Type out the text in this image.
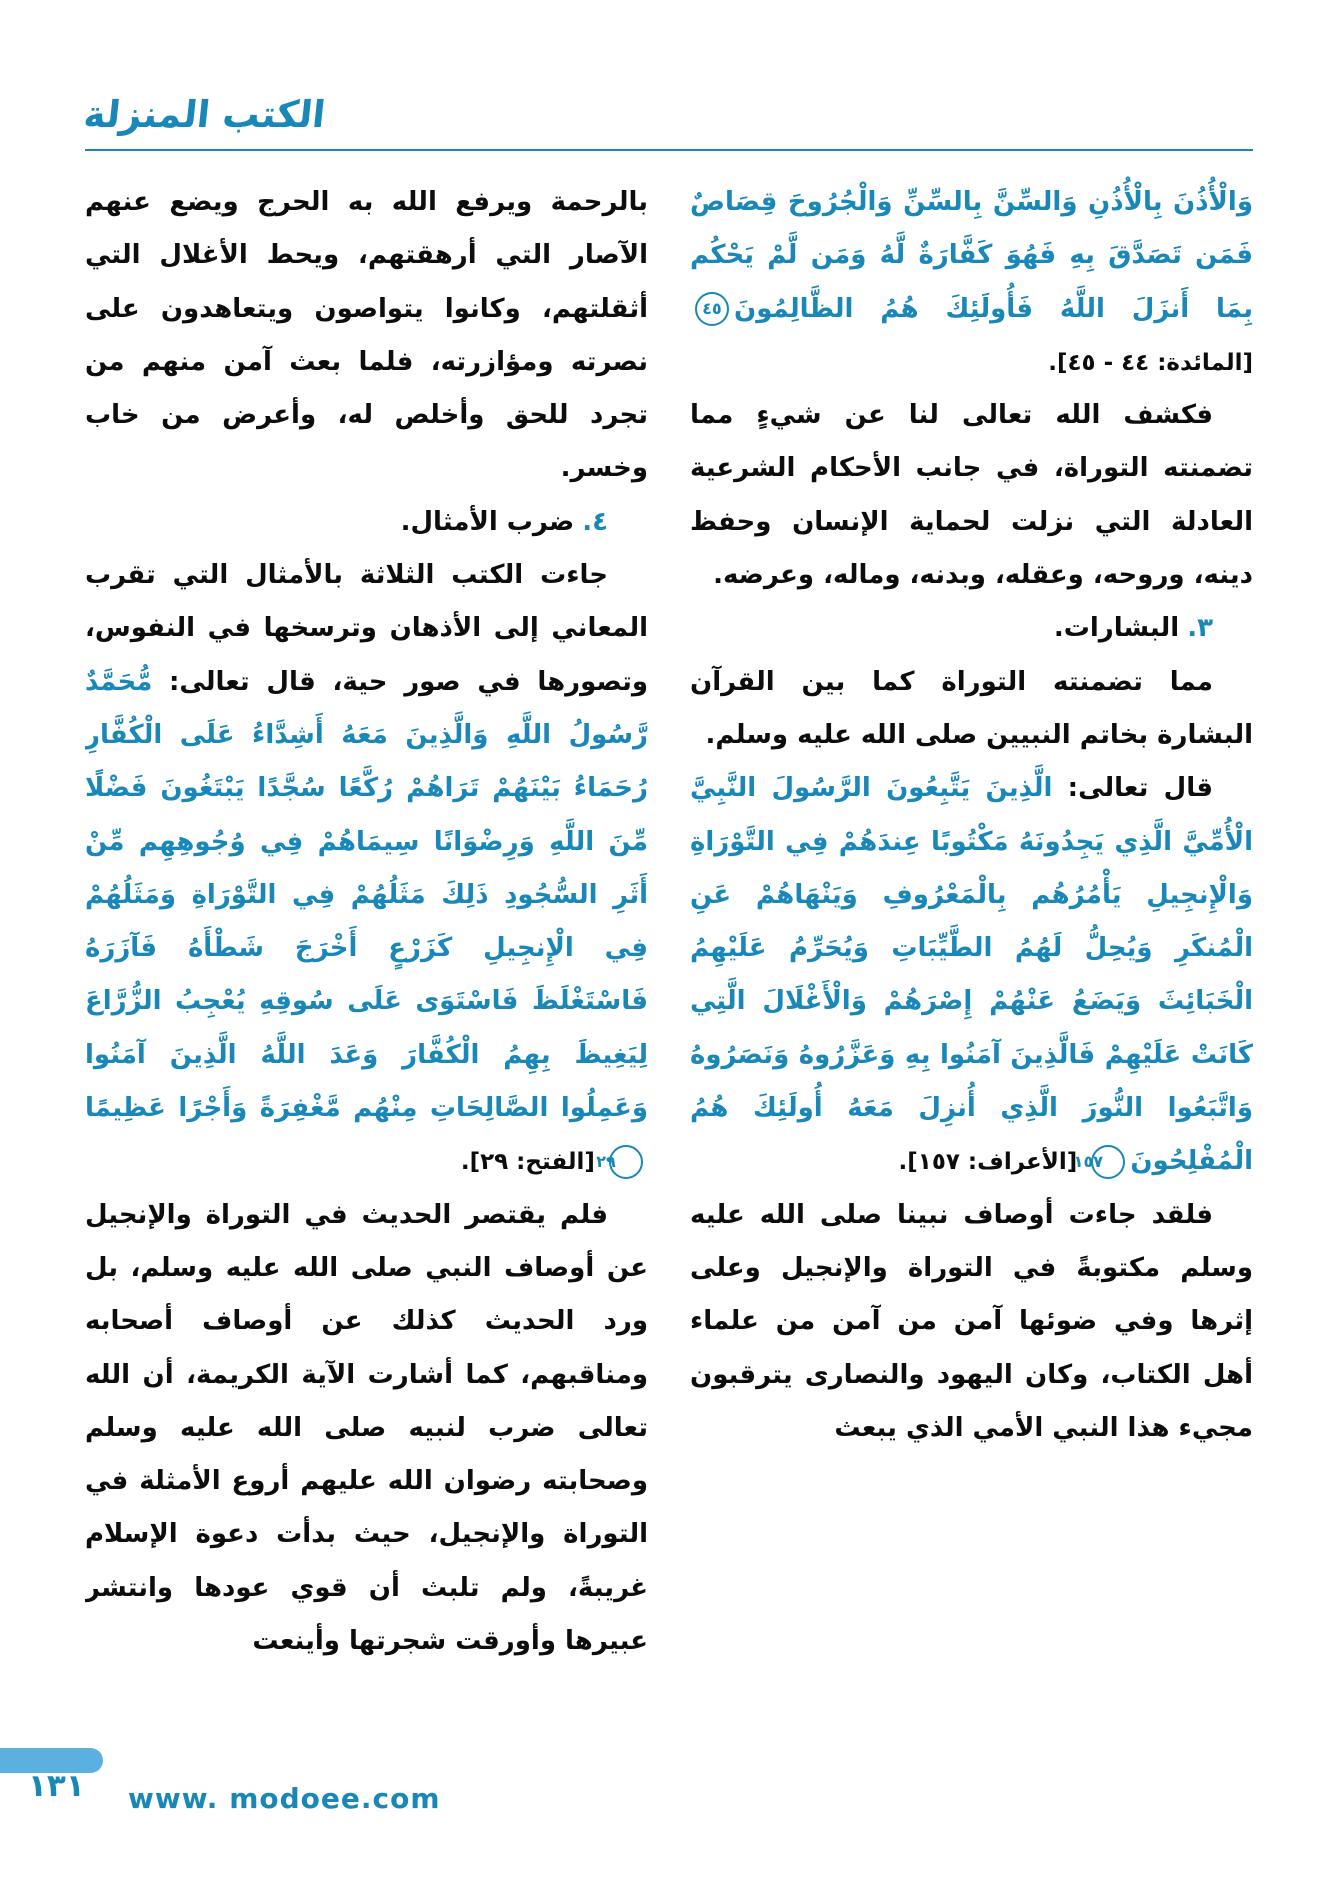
الكتب المنزلة

وَالْأُذُنَ بِالْأُذُنِ وَالسِّنَّ بِالسِّنِّ وَالْجُرُوحَ قِصَاصٌ فَمَن تَصَدَّقَ بِهِ فَهُوَ كَفَّارَةٌ لَّهُ وَمَن لَّمْ يَحْكُم بِمَا أَنزَلَ اللَّهُ فَأُولَئِكَ هُمُ الظَّالِمُونَ٤٥ [المائدة: ٤٤ - ٤٥].

فكشف الله تعالى لنا عن شيءٍ مما تضمنته التوراة، في جانب الأحكام الشرعية العادلة التي نزلت لحماية الإنسان وحفظ دينه، وروحه، وعقله، وبدنه، وماله، وعرضه.

٣.البشارات.

مما تضمنته التوراة كما بين القرآن البشارة بخاتم النبيين صلى الله عليه وسلم.

قال تعالى: الَّذِينَ يَتَّبِعُونَ الرَّسُولَ النَّبِيَّ الْأُمِّيَّ الَّذِي يَجِدُونَهُ مَكْتُوبًا عِندَهُمْ فِي التَّوْرَاةِ وَالْإِنجِيلِ يَأْمُرُهُم بِالْمَعْرُوفِ وَيَنْهَاهُمْ عَنِ الْمُنكَرِ وَيُحِلُّ لَهُمُ الطَّيِّبَاتِ وَيُحَرِّمُ عَلَيْهِمُ الْخَبَائِثَ وَيَضَعُ عَنْهُمْ إِصْرَهُمْ وَالْأَغْلَالَ الَّتِي كَانَتْ عَلَيْهِمْ فَالَّذِينَ آمَنُوا بِهِ وَعَزَّرُوهُ وَنَصَرُوهُ وَاتَّبَعُوا النُّورَ الَّذِي أُنزِلَ مَعَهُ أُولَئِكَ هُمُ الْمُفْلِحُونَ١٥٧ [الأعراف: ١٥٧].

فلقد جاءت أوصاف نبينا صلى الله عليه وسلم مكتوبةً في التوراة والإنجيل وعلى إثرها وفي ضوئها آمن من آمن من علماء أهل الكتاب، وكان اليهود والنصارى يترقبون مجيء هذا النبي الأمي الذي يبعث

بالرحمة ويرفع الله به الحرج ويضع عنهم الآصار التي أرهقتهم، ويحط الأغلال التي أثقلتهم، وكانوا يتواصون ويتعاهدون على نصرته ومؤازرته، فلما بعث آمن منهم من تجرد للحق وأخلص له، وأعرض من خاب وخسر.

٤.ضرب الأمثال.

جاءت الكتب الثلاثة بالأمثال التي تقرب المعاني إلى الأذهان وترسخها في النفوس، وتصورها في صور حية، قال تعالى: مُّحَمَّدٌ رَّسُولُ اللَّهِ وَالَّذِينَ مَعَهُ أَشِدَّاءُ عَلَى الْكُفَّارِ رُحَمَاءُ بَيْنَهُمْ تَرَاهُمْ رُكَّعًا سُجَّدًا يَبْتَغُونَ فَضْلًا مِّنَ اللَّهِ وَرِضْوَانًا سِيمَاهُمْ فِي وُجُوهِهِم مِّنْ أَثَرِ السُّجُودِ ذَلِكَ مَثَلُهُمْ فِي التَّوْرَاةِ وَمَثَلُهُمْ فِي الْإِنجِيلِ كَزَرْعٍ أَخْرَجَ شَطْأَهُ فَآزَرَهُ فَاسْتَغْلَظَ فَاسْتَوَى عَلَى سُوقِهِ يُعْجِبُ الزُّرَّاعَ لِيَغِيظَ بِهِمُ الْكُفَّارَ وَعَدَ اللَّهُ الَّذِينَ آمَنُوا وَعَمِلُوا الصَّالِحَاتِ مِنْهُم مَّغْفِرَةً وَأَجْرًا عَظِيمًا٢٩ [الفتح: ٢٩].

فلم يقتصر الحديث في التوراة والإنجيل عن أوصاف النبي صلى الله عليه وسلم، بل ورد الحديث كذلك عن أوصاف أصحابه ومناقبهم، كما أشارت الآية الكريمة، أن الله تعالى ضرب لنبيه صلى الله عليه وسلم وصحابته رضوان الله عليهم أروع الأمثلة في التوراة والإنجيل، حيث بدأت دعوة الإسلام غريبةً، ولم تلبث أن قوي عودها وانتشر عبيرها وأورقت شجرتها وأينعت

١٣١ www. modoee.com
